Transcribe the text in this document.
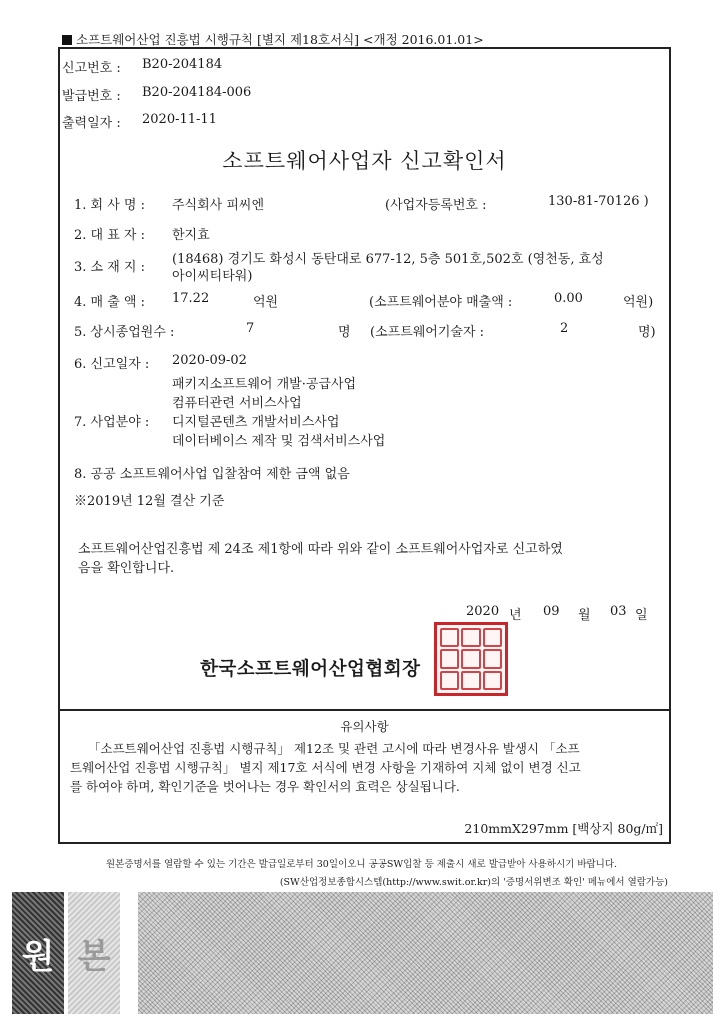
소프트웨어산업 진흥법 시행규칙 [별지 제18호서식] <개정 2016.01.01>
신고번호 : B20-204184
발급번호 : B20-204184-006
출력일자 : 2020-11-11
소프트웨어사업자 신고확인서
1. 회 사 명 : 주식회사 피씨엔	(사업자등록번호 :	130-81-70126 )
2. 대 표 자 : 한지효
3. 소 재 지 :
(18468) 경기도 화성시 동탄대로 677-12, 5층 501호,502호 (영천동, 효성
아이씨티타워)
4. 매 출 액 : 17.22	억원	(소프트웨어분야 매출액 :	0.00	억원)
5. 상시종업원수 :	7	명 (소프트웨어기술자 :	2	명)
6. 신고일자 : 2020-09-02
패키지소프트웨어 개발·공급사업
컴퓨터관련 서비스사업
7. 사업분야 : 디지털콘텐츠 개발서비스사업
데이터베이스 제작 및 검색서비스사업
8. 공공 소프트웨어사업 입찰참여 제한 금액 없음
※2019년 12월 결산 기준
소프트웨어산업진흥법 제 24조 제1항에 따라 위와 같이 소프트웨어사업자로 신고하였
음을 확인합니다.
2020 년 09 월 03 일
한국소프트웨어산업협회장
유의사항
「소프트웨어산업 진흥법 시행규칙」 제12조 및 관련 고시에 따라 변경사유 발생시 「소프
트웨어산업 진흥법 시행규칙」 별지 제17호 서식에 변경 사항을 기재하여 지체 없이 변경 신고
를 하여야 하며, 확인기준을 벗어나는 경우 확인서의 효력은 상실됩니다.
210mmX297mm [백상지 80g/㎡]
원본증명서를 열람할 수 있는 기간은 발급일로부터 30일이오니 공공SW입찰 등 제출시 새로 발급받아 사용하시기 바랍니다.
(SW산업정보종합시스템(http://www.swit.or.kr)의 '증명서위변조 확인' 메뉴에서 열람가능)
원 본
